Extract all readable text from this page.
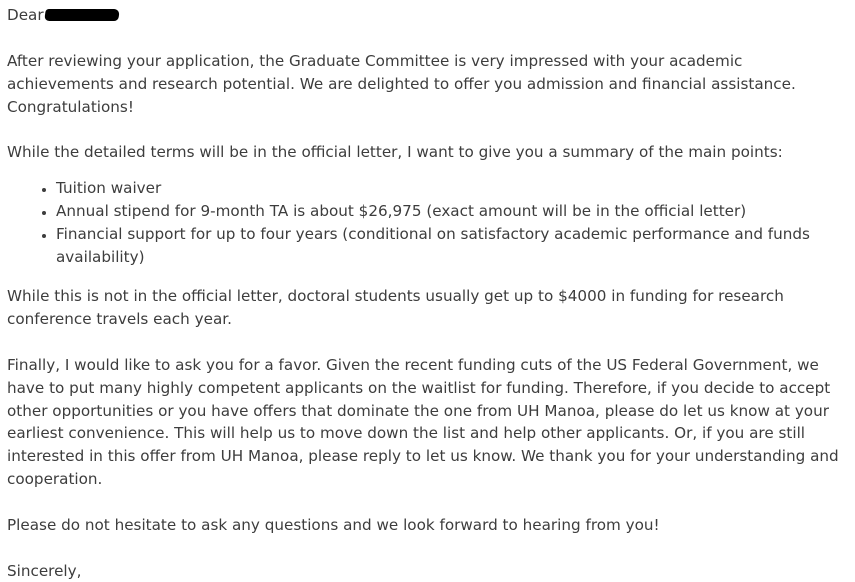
Dear

After reviewing your application, the Graduate Committee is very impressed with your academic achievements and research potential. We are delighted to offer you admission and financial assistance. Congratulations!

While the detailed terms will be in the official letter, I want to give you a summary of the main points:

• Tuition waiver
• Annual stipend for 9-month TA is about $26,975 (exact amount will be in the official letter)
• Financial support for up to four years (conditional on satisfactory academic performance and funds availability)

While this is not in the official letter, doctoral students usually get up to $4000 in funding for research conference travels each year.

Finally, I would like to ask you for a favor. Given the recent funding cuts of the US Federal Government, we have to put many highly competent applicants on the waitlist for funding. Therefore, if you decide to accept other opportunities or you have offers that dominate the one from UH Manoa, please do let us know at your earliest convenience. This will help us to move down the list and help other applicants. Or, if you are still interested in this offer from UH Manoa, please reply to let us know. We thank you for your understanding and cooperation.

Please do not hesitate to ask any questions and we look forward to hearing from you!

Sincerely,
